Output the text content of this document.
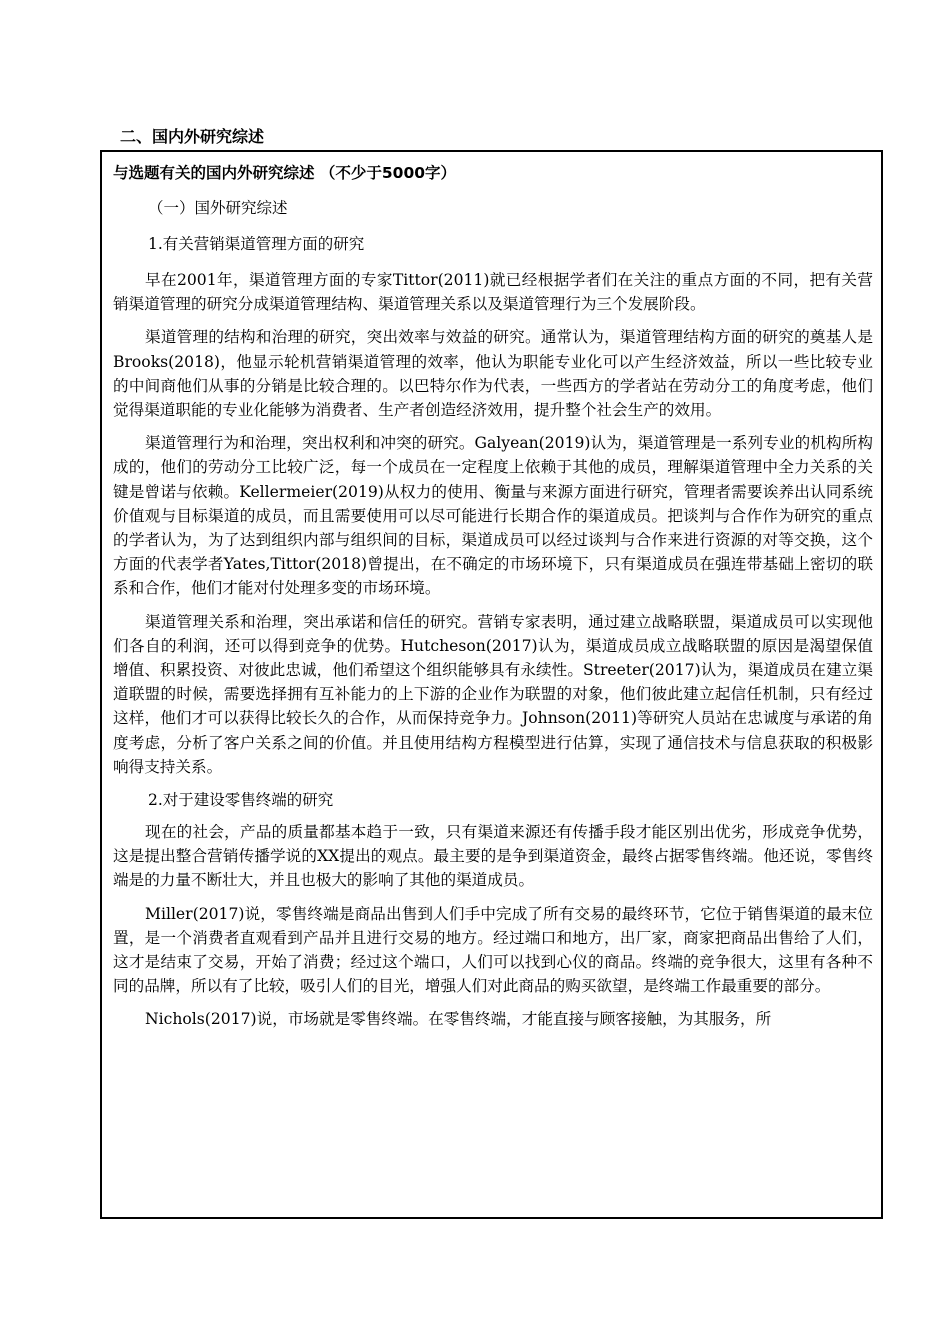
二、国内外研究综述
与选题有关的国内外研究综述 （不少于5000字）

（一）国外研究综述

1.有关营销渠道管理方面的研究

早在2001年，渠道管理方面的专家Tittor(2011)就已经根据学者们在关注的重点方面的不同，把有关营销渠道管理的研究分成渠道管理结构、渠道管理关系以及渠道管理行为三个发展阶段。

渠道管理的结构和治理的研究，突出效率与效益的研究。通常认为，渠道管理结构方面的研究的奠基人是Brooks(2018)，他显示轮机营销渠道管理的效率，他认为职能专业化可以产生经济效益，所以一些比较专业的中间商他们从事的分销是比较合理的。以巴特尔作为代表，一些西方的学者站在劳动分工的角度考虑，他们觉得渠道职能的专业化能够为消费者、生产者创造经济效用，提升整个社会生产的效用。

渠道管理行为和治理，突出权利和冲突的研究。Galyean(2019)认为，渠道管理是一系列专业的机构所构成的，他们的劳动分工比较广泛，每一个成员在一定程度上依赖于其他的成员，理解渠道管理中全力关系的关键是曾诺与依赖。Kellermeier(2019)从权力的使用、衡量与来源方面进行研究，管理者需要诶养出认同系统价值观与目标渠道的成员，而且需要使用可以尽可能进行长期合作的渠道成员。把谈判与合作作为研究的重点的学者认为，为了达到组织内部与组织间的目标，渠道成员可以经过谈判与合作来进行资源的对等交换，这个方面的代表学者Yates,Tittor(2018)曾提出，在不确定的市场环境下，只有渠道成员在强连带基础上密切的联系和合作，他们才能对付处理多变的市场环境。

渠道管理关系和治理，突出承诺和信任的研究。营销专家表明，通过建立战略联盟，渠道成员可以实现他们各自的利润，还可以得到竞争的优势。Hutcheson(2017)认为，渠道成员成立战略联盟的原因是渴望保值增值、积累投资、对彼此忠诚，他们希望这个组织能够具有永续性。Streeter(2017)认为，渠道成员在建立渠道联盟的时候，需要选择拥有互补能力的上下游的企业作为联盟的对象，他们彼此建立起信任机制，只有经过这样，他们才可以获得比较长久的合作，从而保持竞争力。Johnson(2011)等研究人员站在忠诚度与承诺的角度考虑，分析了客户关系之间的价值。并且使用结构方程模型进行估算，实现了通信技术与信息获取的积极影响得支持关系。

2.对于建设零售终端的研究

现在的社会，产品的质量都基本趋于一致，只有渠道来源还有传播手段才能区别出优劣，形成竞争优势，这是提出整合营销传播学说的XX提出的观点。最主要的是争到渠道资金，最终占据零售终端。他还说，零售终端是的力量不断壮大，并且也极大的影响了其他的渠道成员。

Miller(2017)说，零售终端是商品出售到人们手中完成了所有交易的最终环节，它位于销售渠道的最末位置，是一个消费者直观看到产品并且进行交易的地方。经过端口和地方，出厂家，商家把商品出售给了人们，这才是结束了交易，开始了消费；经过这个端口，人们可以找到心仪的商品。终端的竞争很大，这里有各种不同的品牌，所以有了比较，吸引人们的目光，增强人们对此商品的购买欲望，是终端工作最重要的部分。

Nichols(2017)说，市场就是零售终端。在零售终端，才能直接与顾客接触，为其服务，所
